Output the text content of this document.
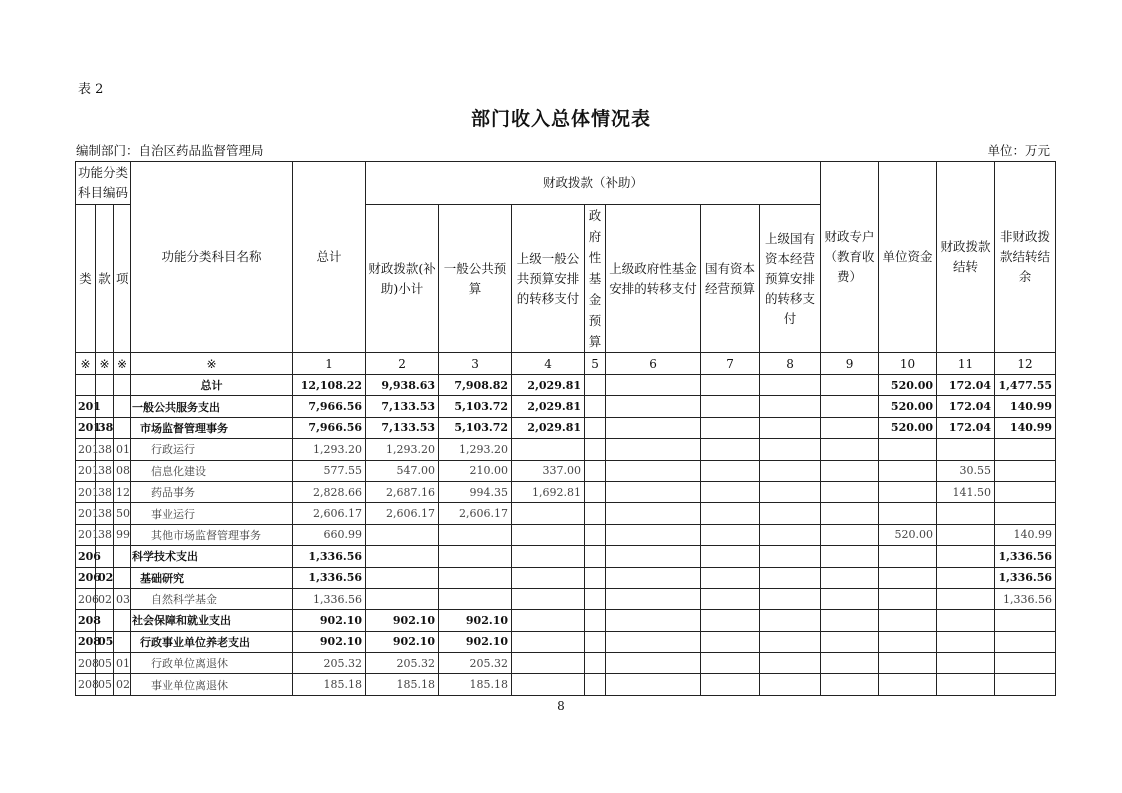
表 2
部门收入总体情况表
编制部门：自治区药品监督管理局	单位：万元
功能分类科目编码			功能分类科目名称	总计	财政拨款（补助）							财政专户（教育收费）	单位资金	财政拨款结转	非财政拨款结转结余
类	款	项			财政拨款(补助)小计	一般公共预算	上级一般公共预算安排的转移支付	政府性基金预算	上级政府性基金安排的转移支付	国有资本经营预算	上级国有资本经营预算安排的转移支付				
※	※	※	※	1	2	3	4	5	6	7	8	9	10	11	12
			总计	12,108.22	9,938.63	7,908.82	2,029.81						520.00	172.04	1,477.55
201			一般公共服务支出	7,966.56	7,133.53	5,103.72	2,029.81						520.00	172.04	140.99
201	38		市场监督管理事务	7,966.56	7,133.53	5,103.72	2,029.81						520.00	172.04	140.99
201	38	01	行政运行	1,293.20	1,293.20	1,293.20									
201	38	08	信息化建设	577.55	547.00	210.00	337.00							30.55	
201	38	12	药品事务	2,828.66	2,687.16	994.35	1,692.81							141.50	
201	38	50	事业运行	2,606.17	2,606.17	2,606.17									
201	38	99	其他市场监督管理事务	660.99									520.00		140.99
206			科学技术支出	1,336.56											1,336.56
206	02		基础研究	1,336.56											1,336.56
206	02	03	自然科学基金	1,336.56											1,336.56
208			社会保障和就业支出	902.10	902.10	902.10									
208	05		行政事业单位养老支出	902.10	902.10	902.10									
208	05	01	行政单位离退休	205.32	205.32	205.32									
208	05	02	事业单位离退休	185.18	185.18	185.18									
8
